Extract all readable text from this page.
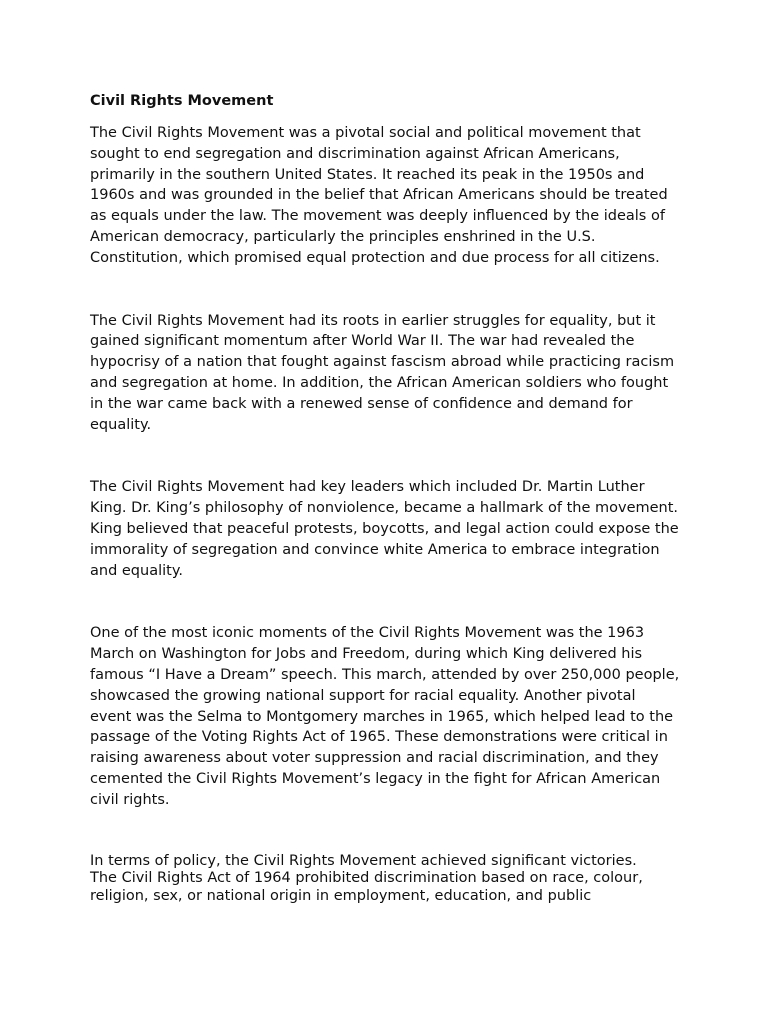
Civil Rights Movement

The Civil Rights Movement was a pivotal social and political movement that sought to end segregation and discrimination against African Americans, primarily in the southern United States. It reached its peak in the 1950s and 1960s and was grounded in the belief that African Americans should be treated as equals under the law. The movement was deeply influenced by the ideals of American democracy, particularly the principles enshrined in the U.S. Constitution, which promised equal protection and due process for all citizens.

The Civil Rights Movement had its roots in earlier struggles for equality, but it gained significant momentum after World War II. The war had revealed the hypocrisy of a nation that fought against fascism abroad while practicing racism and segregation at home. In addition, the African American soldiers who fought in the war came back with a renewed sense of confidence and demand for equality.

The Civil Rights Movement had key leaders which included Dr. Martin Luther King. Dr. King’s philosophy of nonviolence, became a hallmark of the movement. King believed that peaceful protests, boycotts, and legal action could expose the immorality of segregation and convince white America to embrace integration and equality.

One of the most iconic moments of the Civil Rights Movement was the 1963 March on Washington for Jobs and Freedom, during which King delivered his famous “I Have a Dream” speech. This march, attended by over 250,000 people, showcased the growing national support for racial equality. Another pivotal event was the Selma to Montgomery marches in 1965, which helped lead to the passage of the Voting Rights Act of 1965. These demonstrations were critical in raising awareness about voter suppression and racial discrimination, and they cemented the Civil Rights Movement’s legacy in the fight for African American civil rights.

In terms of policy, the Civil Rights Movement achieved significant victories.
The Civil Rights Act of 1964 prohibited discrimination based on race, colour, religion, sex, or national origin in employment, education, and public
